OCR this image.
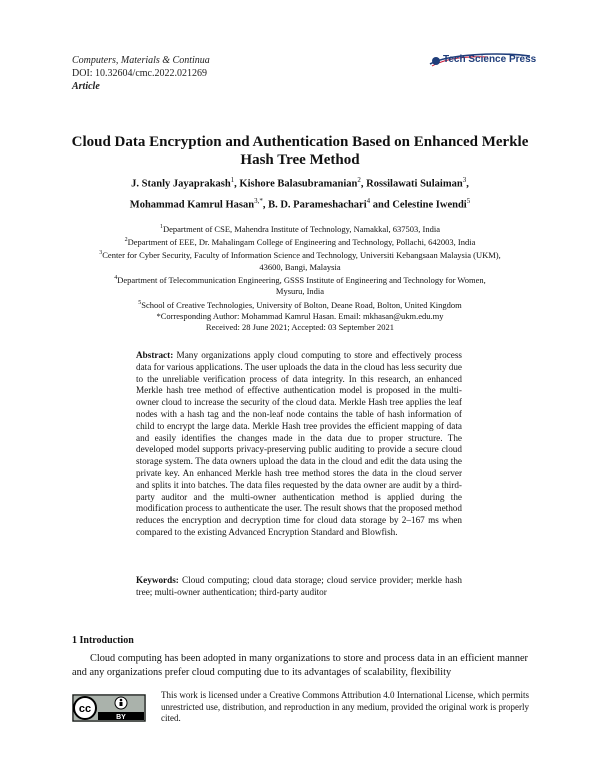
Computers, Materials & Continua
DOI: 10.32604/cmc.2022.021269
Article
Tech Science Press
Cloud Data Encryption and Authentication Based on Enhanced Merkle
Hash Tree Method
J. Stanly Jayaprakash$^1$, Kishore Balasubramanian$^2$, Rossilawati Sulaiman$^3$,
Mohammad Kamrul Hasan$^{3,*}$, B. D. Parameshachari$^4$ and Celestine Iwendi$^5$
$^1$Department of CSE, Mahendra Institute of Technology, Namakkal, 637503, India
$^2$Department of EEE, Dr. Mahalingam College of Engineering and Technology, Pollachi, 642003, India
$^3$Center for Cyber Security, Faculty of Information Science and Technology, Universiti Kebangsaan Malaysia (UKM),
43600, Bangi, Malaysia
$^4$Department of Telecommunication Engineering, GSSS Institute of Engineering and Technology for Women,
Mysuru, India
$^5$School of Creative Technologies, University of Bolton, Deane Road, Bolton, United Kingdom
*Corresponding Author: Mohammad Kamrul Hasan. Email: mkhasan@ukm.edu.my
Received: 28 June 2021; Accepted: 03 September 2021
Abstract: Many organizations apply cloud computing to store and effectively process data for various applications. The user uploads the data in the cloud has less security due to the unreliable verification process of data integrity. In this research, an enhanced Merkle hash tree method of effective authentication model is proposed in the multi-owner cloud to increase the security of the cloud data. Merkle Hash tree applies the leaf nodes with a hash tag and the non-leaf node contains the table of hash information of child to encrypt the large data. Merkle Hash tree provides the efficient mapping of data and easily identifies the changes made in the data due to proper structure. The developed model supports privacy-preserving public auditing to provide a secure cloud storage system. The data owners upload the data in the cloud and edit the data using the private key. An enhanced Merkle hash tree method stores the data in the cloud server and splits it into batches. The data files requested by the data owner are audit by a third-party auditor and the multi-owner authentication method is applied during the modification process to authenticate the user. The result shows that the proposed method reduces the encryption and decryption time for cloud data storage by 2–167 ms when compared to the existing Advanced Encryption Standard and Blowfish.
Keywords: Cloud computing; cloud data storage; cloud service provider; merkle hash tree; multi-owner authentication; third-party auditor
1 Introduction
Cloud computing has been adopted in many organizations to store and process data in an efficient manner and any organizations prefer cloud computing due to its advantages of scalability, flexibility
cc
BY
This work is licensed under a Creative Commons Attribution 4.0 International License, which permits unrestricted use, distribution, and reproduction in any medium, provided the original work is properly cited.
